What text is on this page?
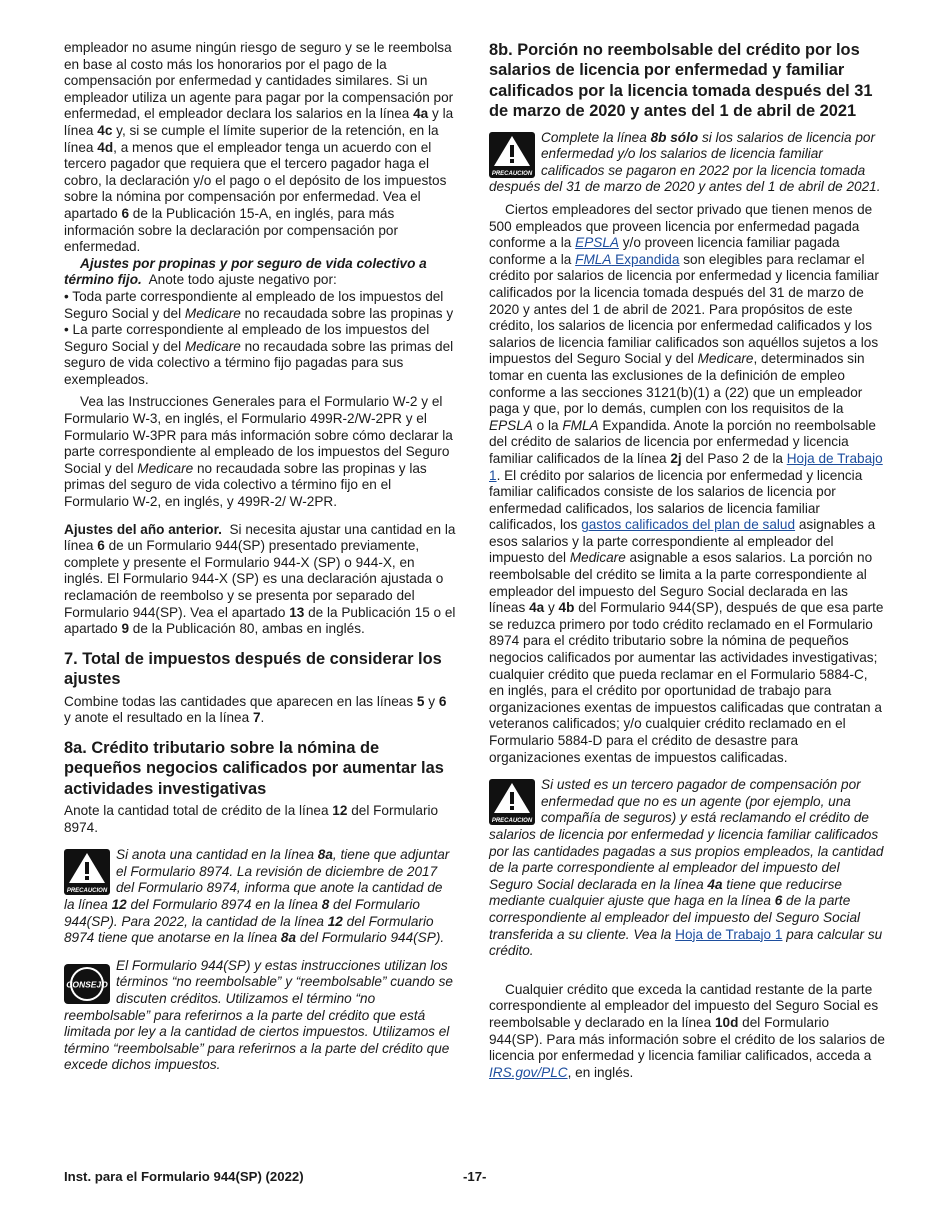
empleador no asume ningún riesgo de seguro y se le reembolsa en base al costo más los honorarios por el pago de la compensación por enfermedad y cantidades similares. Si un empleador utiliza un agente para pagar por la compensación por enfermedad, el empleador declara los salarios en la línea 4a y la línea 4c y, si se cumple el límite superior de la retención, en la línea 4d, a menos que el empleador tenga un acuerdo con el tercero pagador que requiera que el tercero pagador haga el cobro, la declaración y/o el pago o el depósito de los impuestos sobre la nómina por compensación por enfermedad. Vea el apartado 6 de la Publicación 15-A, en inglés, para más información sobre la declaración por compensación por enfermedad.

Ajustes por propinas y por seguro de vida colectivo a término fijo. Anote todo ajuste negativo por:

• Toda parte correspondiente al empleado de los impuestos del Seguro Social y del Medicare no recaudada sobre las propinas y

• La parte correspondiente al empleado de los impuestos del Seguro Social y del Medicare no recaudada sobre las primas del seguro de vida colectivo a término fijo pagadas para sus exempleados.

Vea las Instrucciones Generales para el Formulario W-2 y el Formulario W-3, en inglés, el Formulario 499R-2/W-2PR y el Formulario W-3PR para más información sobre cómo declarar la parte correspondiente al empleado de los impuestos del Seguro Social y del Medicare no recaudada sobre las propinas y las primas del seguro de vida colectivo a término fijo en el Formulario W-2, en inglés, y 499R-2/ W-2PR.

Ajustes del año anterior. Si necesita ajustar una cantidad en la línea 6 de un Formulario 944(SP) presentado previamente, complete y presente el Formulario 944-X (SP) o 944-X, en inglés. El Formulario 944-X (SP) es una declaración ajustada o reclamación de reembolso y se presenta por separado del Formulario 944(SP). Vea el apartado 13 de la Publicación 15 o el apartado 9 de la Publicación 80, ambas en inglés.

7. Total de impuestos después de considerar los ajustes

Combine todas las cantidades que aparecen en las líneas 5 y 6 y anote el resultado en la línea 7.

8a. Crédito tributario sobre la nómina de pequeños negocios calificados por aumentar las actividades investigativas

Anote la cantidad total de crédito de la línea 12 del Formulario 8974.

PRECAUCION

Si anota una cantidad en la línea 8a, tiene que adjuntar el Formulario 8974. La revisión de diciembre de 2017 del Formulario 8974, informa que anote la cantidad de la línea 12 del Formulario 8974 en la línea 8 del Formulario 944(SP). Para 2022, la cantidad de la línea 12 del Formulario 8974 tiene que anotarse en la línea 8a del Formulario 944(SP).

CONSEJO

El Formulario 944(SP) y estas instrucciones utilizan los términos “no reembolsable” y “reembolsable” cuando se discuten créditos. Utilizamos el término “no reembolsable” para referirnos a la parte del crédito que está limitada por ley a la cantidad de ciertos impuestos. Utilizamos el término “reembolsable” para referirnos a la parte del crédito que excede dichos impuestos.

8b. Porción no reembolsable del crédito por los salarios de licencia por enfermedad y familiar calificados por la licencia tomada después del 31 de marzo de 2020 y antes del 1 de abril de 2021
PRECAUCION

Complete la línea 8b sólo si los salarios de licencia por enfermedad y/o los salarios de licencia familiar calificados se pagaron en 2022 por la licencia tomada después del 31 de marzo de 2020 y antes del 1 de abril de 2021.

Ciertos empleadores del sector privado que tienen menos de 500 empleados que proveen licencia por enfermedad pagada conforme a la EPSLA y/o proveen licencia familiar pagada conforme a la FMLA Expandida son elegibles para reclamar el crédito por salarios de licencia por enfermedad y licencia familiar calificados por la licencia tomada después del 31 de marzo de 2020 y antes del 1 de abril de 2021. Para propósitos de este crédito, los salarios de licencia por enfermedad calificados y los salarios de licencia familiar calificados son aquéllos sujetos a los impuestos del Seguro Social y del Medicare, determinados sin tomar en cuenta las exclusiones de la definición de empleo conforme a las secciones 3121(b)(1) a (22) que un empleador paga y que, por lo demás, cumplen con los requisitos de la EPSLA o la FMLA Expandida. Anote la porción no reembolsable del crédito de salarios de licencia por enfermedad y licencia familiar calificados de la línea 2j del Paso 2 de la Hoja de Trabajo 1. El crédito por salarios de licencia por enfermedad y licencia familiar calificados consiste de los salarios de licencia por enfermedad calificados, los salarios de licencia familiar calificados, los gastos calificados del plan de salud asignables a esos salarios y la parte correspondiente al empleador del impuesto del Medicare asignable a esos salarios. La porción no reembolsable del crédito se limita a la parte correspondiente al empleador del impuesto del Seguro Social declarada en las líneas 4a y 4b del Formulario 944(SP), después de que esa parte se reduzca primero por todo crédito reclamado en el Formulario 8974 para el crédito tributario sobre la nómina de pequeños negocios calificados por aumentar las actividades investigativas; cualquier crédito que pueda reclamar en el Formulario 5884-C, en inglés, para el crédito por oportunidad de trabajo para organizaciones exentas de impuestos calificadas que contratan a veteranos calificados; y/o cualquier crédito reclamado en el Formulario 5884-D para el crédito de desastre para organizaciones exentas de impuestos calificadas.

PRECAUCION

Si usted es un tercero pagador de compensación por enfermedad que no es un agente (por ejemplo, una compañía de seguros) y está reclamando el crédito de salarios de licencia por enfermedad y licencia familiar calificados por las cantidades pagadas a sus propios empleados, la cantidad de la parte correspondiente al empleador del impuesto del Seguro Social declarada en la línea 4a tiene que reducirse mediante cualquier ajuste que haga en la línea 6 de la parte correspondiente al empleador del impuesto del Seguro Social transferida a su cliente. Vea la Hoja de Trabajo 1 para calcular su crédito.

Cualquier crédito que exceda la cantidad restante de la parte correspondiente al empleador del impuesto del Seguro Social es reembolsable y declarado en la línea 10d del Formulario 944(SP). Para más información sobre el crédito de los salarios de licencia por enfermedad y licencia familiar calificados, acceda a IRS.gov/PLC, en inglés.

Inst. para el Formulario 944(SP) (2022)	-17-
